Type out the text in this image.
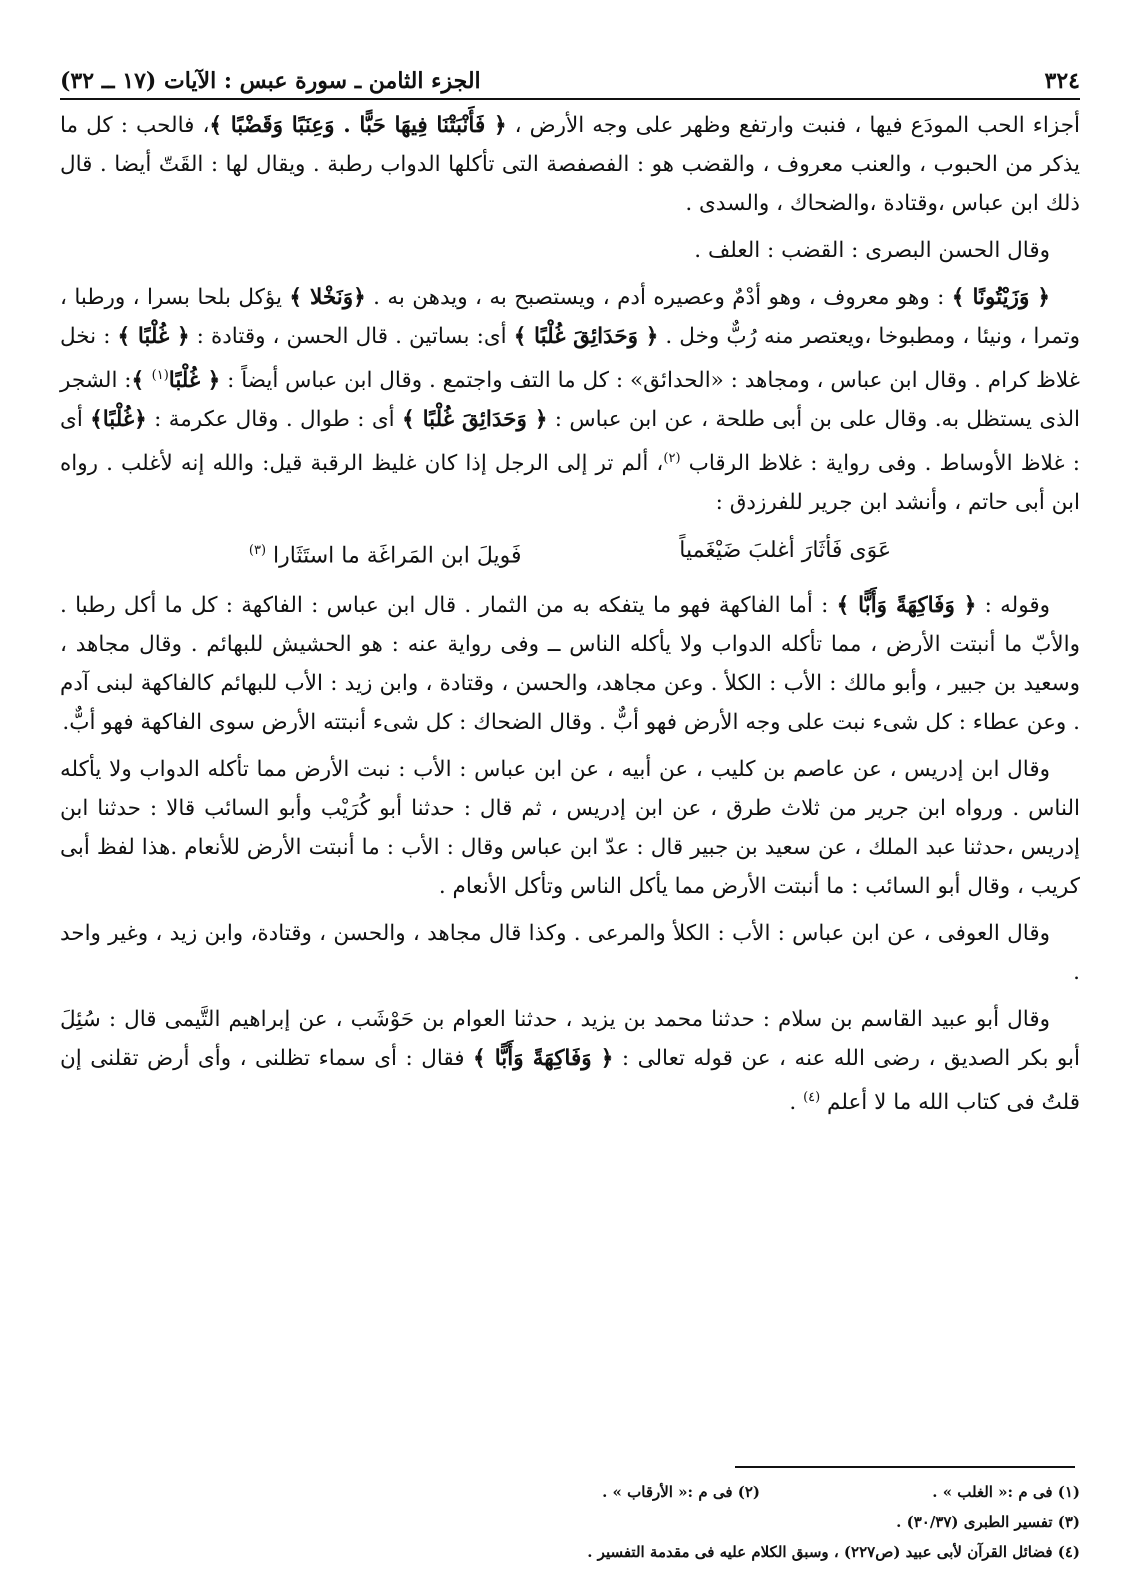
٣٢٤
الجزء الثامن ـ سورة عبس : الآيات (١٧ ــ ٣٢)

أجزاء الحب المودَع فيها ، فنبت وارتفع وظهر على وجه الأرض ، ﴿ فَأَنْبَتْنَا فِيهَا حَبًّا . وَعِنَبًا وَقَضْبًا ﴾، فالحب : كل ما يذكر من الحبوب ، والعنب معروف ، والقضب هو : الفصفصة التى تأكلها الدواب رطبة . ويقال لها : القَتّ أيضا . قال ذلك ابن عباس ،وقتادة ،والضحاك ، والسدى .

وقال الحسن البصرى : القضب : العلف .

﴿ وَزَيْتُونًا ﴾ : وهو معروف ، وهو أدْمٌ وعصيره أدم ، ويستصبح به ، ويدهن به . ﴿وَنَخْلا ﴾ يؤكل بلحا بسرا ، ورطبا ، وتمرا ، ونيئا ، ومطبوخا ،ويعتصر منه رُبٌّ وخل . ﴿ وَحَدَائِقَ غُلْبًا ﴾ أى: بساتين . قال الحسن ، وقتادة : ﴿ غُلْبًا ﴾ : نخل غلاظ كرام . وقال ابن عباس ، ومجاهد : «الحدائق» : كل ما التف واجتمع . وقال ابن عباس أيضاً : ﴿ غُلْبًا$^{(١)}$ ﴾: الشجر الذى يستظل به. وقال على بن أبى طلحة ، عن ابن عباس : ﴿ وَحَدَائِقَ غُلْبًا ﴾ أى : طوال . وقال عكرمة : ﴿غُلْبًا﴾ أى : غلاظ الأوساط . وفى رواية : غلاظ الرقاب $^{(٢)}$، ألم تر إلى الرجل إذا كان غليظ الرقبة قيل: والله إنه لأغلب . رواه ابن أبى حاتم ، وأنشد ابن جرير للفرزدق :

عَوَى فَأثَارَ أغلبَ ضَيْغَمياً
فَويلَ ابن المَراغَة ما استَثَارا $^{(٣)}$

وقوله : ﴿ وَفَاكِهَةً وَأَبًّا ﴾ : أما الفاكهة فهو ما يتفكه به من الثمار . قال ابن عباس : الفاكهة : كل ما أكل رطبا . والأبّ ما أنبتت الأرض ، مما تأكله الدواب ولا يأكله الناس ــ وفى رواية عنه : هو الحشيش للبهائم . وقال مجاهد ، وسعيد بن جبير ، وأبو مالك : الأب : الكلأ . وعن مجاهد، والحسن ، وقتادة ، وابن زيد : الأب للبهائم كالفاكهة لبنى آدم . وعن عطاء : كل شىء نبت على وجه الأرض فهو أبٌّ . وقال الضحاك : كل شىء أنبتته الأرض سوى الفاكهة فهو أبٌّ.

وقال ابن إدريس ، عن عاصم بن كليب ، عن أبيه ، عن ابن عباس : الأب : نبت الأرض مما تأكله الدواب ولا يأكله الناس . ورواه ابن جرير من ثلاث طرق ، عن ابن إدريس ، ثم قال : حدثنا أبو كُرَيْب وأبو السائب قالا : حدثنا ابن إدريس ،حدثنا عبد الملك ، عن سعيد بن جبير قال : عدّ ابن عباس وقال : الأب : ما أنبتت الأرض للأنعام .هذا لفظ أبى كريب ، وقال أبو السائب : ما أنبتت الأرض مما يأكل الناس وتأكل الأنعام .

وقال العوفى ، عن ابن عباس : الأب : الكلأ والمرعى . وكذا قال مجاهد ، والحسن ، وقتادة، وابن زيد ، وغير واحد .

وقال أبو عبيد القاسم بن سلام : حدثنا محمد بن يزيد ، حدثنا العوام بن حَوْشَب ، عن إبراهيم التَّيمى قال : سُئِلَ أبو بكر الصديق ، رضى الله عنه ، عن قوله تعالى : ﴿ وَفَاكِهَةً وَأَبًّا ﴾ فقال : أى سماء تظلنى ، وأى أرض تقلنى إن قلتُ فى كتاب الله ما لا أعلم $^{(٤)}$ .

(١) فى م :« الغلب » .
(٢) فى م :« الأرقاب » .
(٣) تفسير الطبرى (٣٠/٣٧) .
(٤) فضائل القرآن لأبى عبيد (ص٢٢٧) ، وسبق الكلام عليه فى مقدمة التفسير .
